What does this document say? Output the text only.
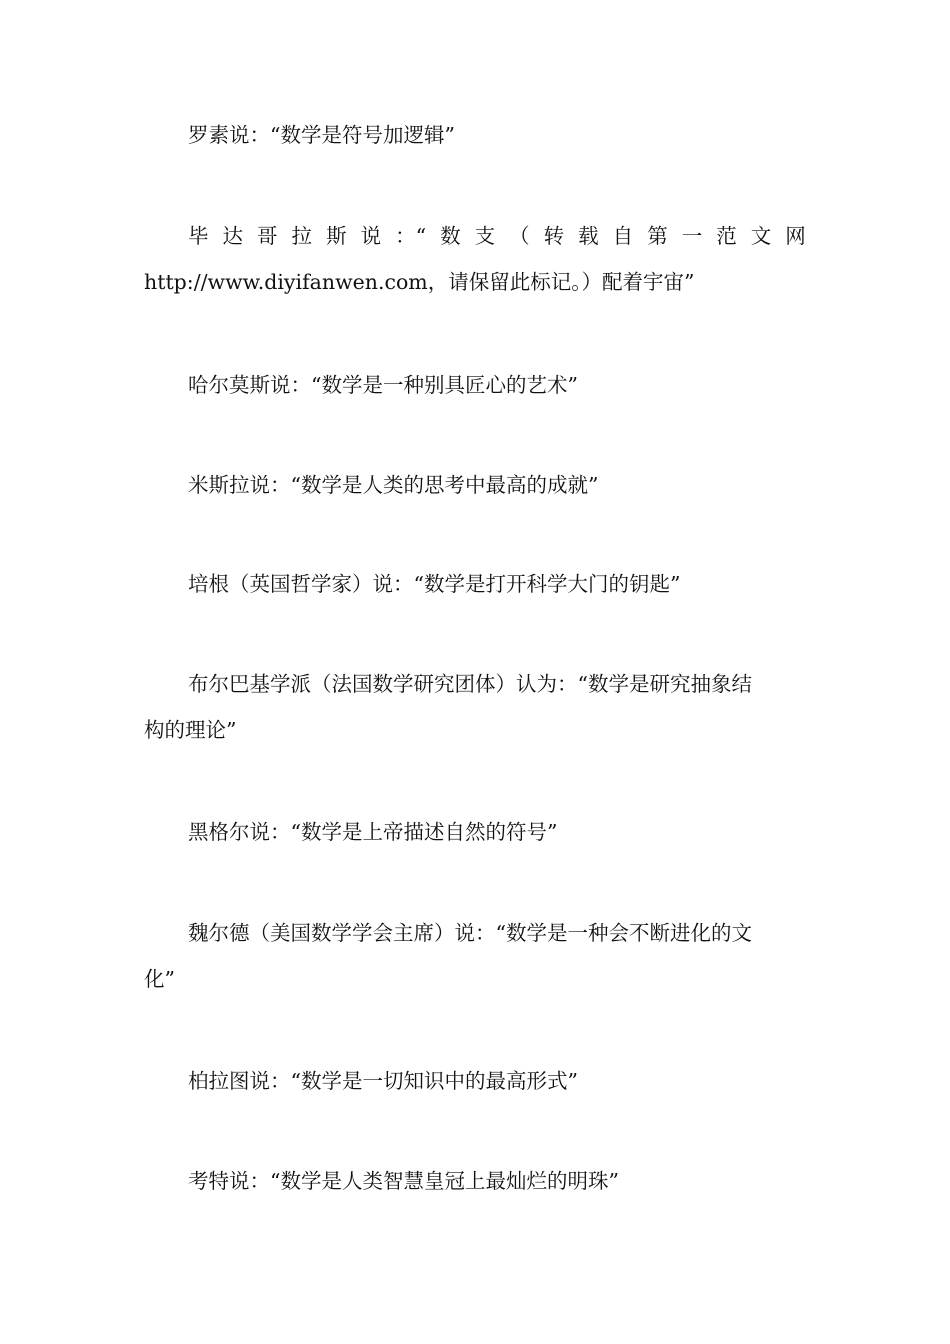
罗素说：“数学是符号加逻辑”

毕 达 哥 拉 斯 说 ：“ 数 支 （ 转 载 自 第 一 范 文 网
http://www.diyifanwen.com，请保留此标记。）配着宇宙”

哈尔莫斯说：“数学是一种别具匠心的艺术”

米斯拉说：“数学是人类的思考中最高的成就”

培根（英国哲学家）说：“数学是打开科学大门的钥匙”

布尔巴基学派（法国数学研究团体）认为：“数学是研究抽象结
构的理论”

黑格尔说：“数学是上帝描述自然的符号”

魏尔德（美国数学学会主席）说：“数学是一种会不断进化的文
化”

柏拉图说：“数学是一切知识中的最高形式”

考特说：“数学是人类智慧皇冠上最灿烂的明珠”
